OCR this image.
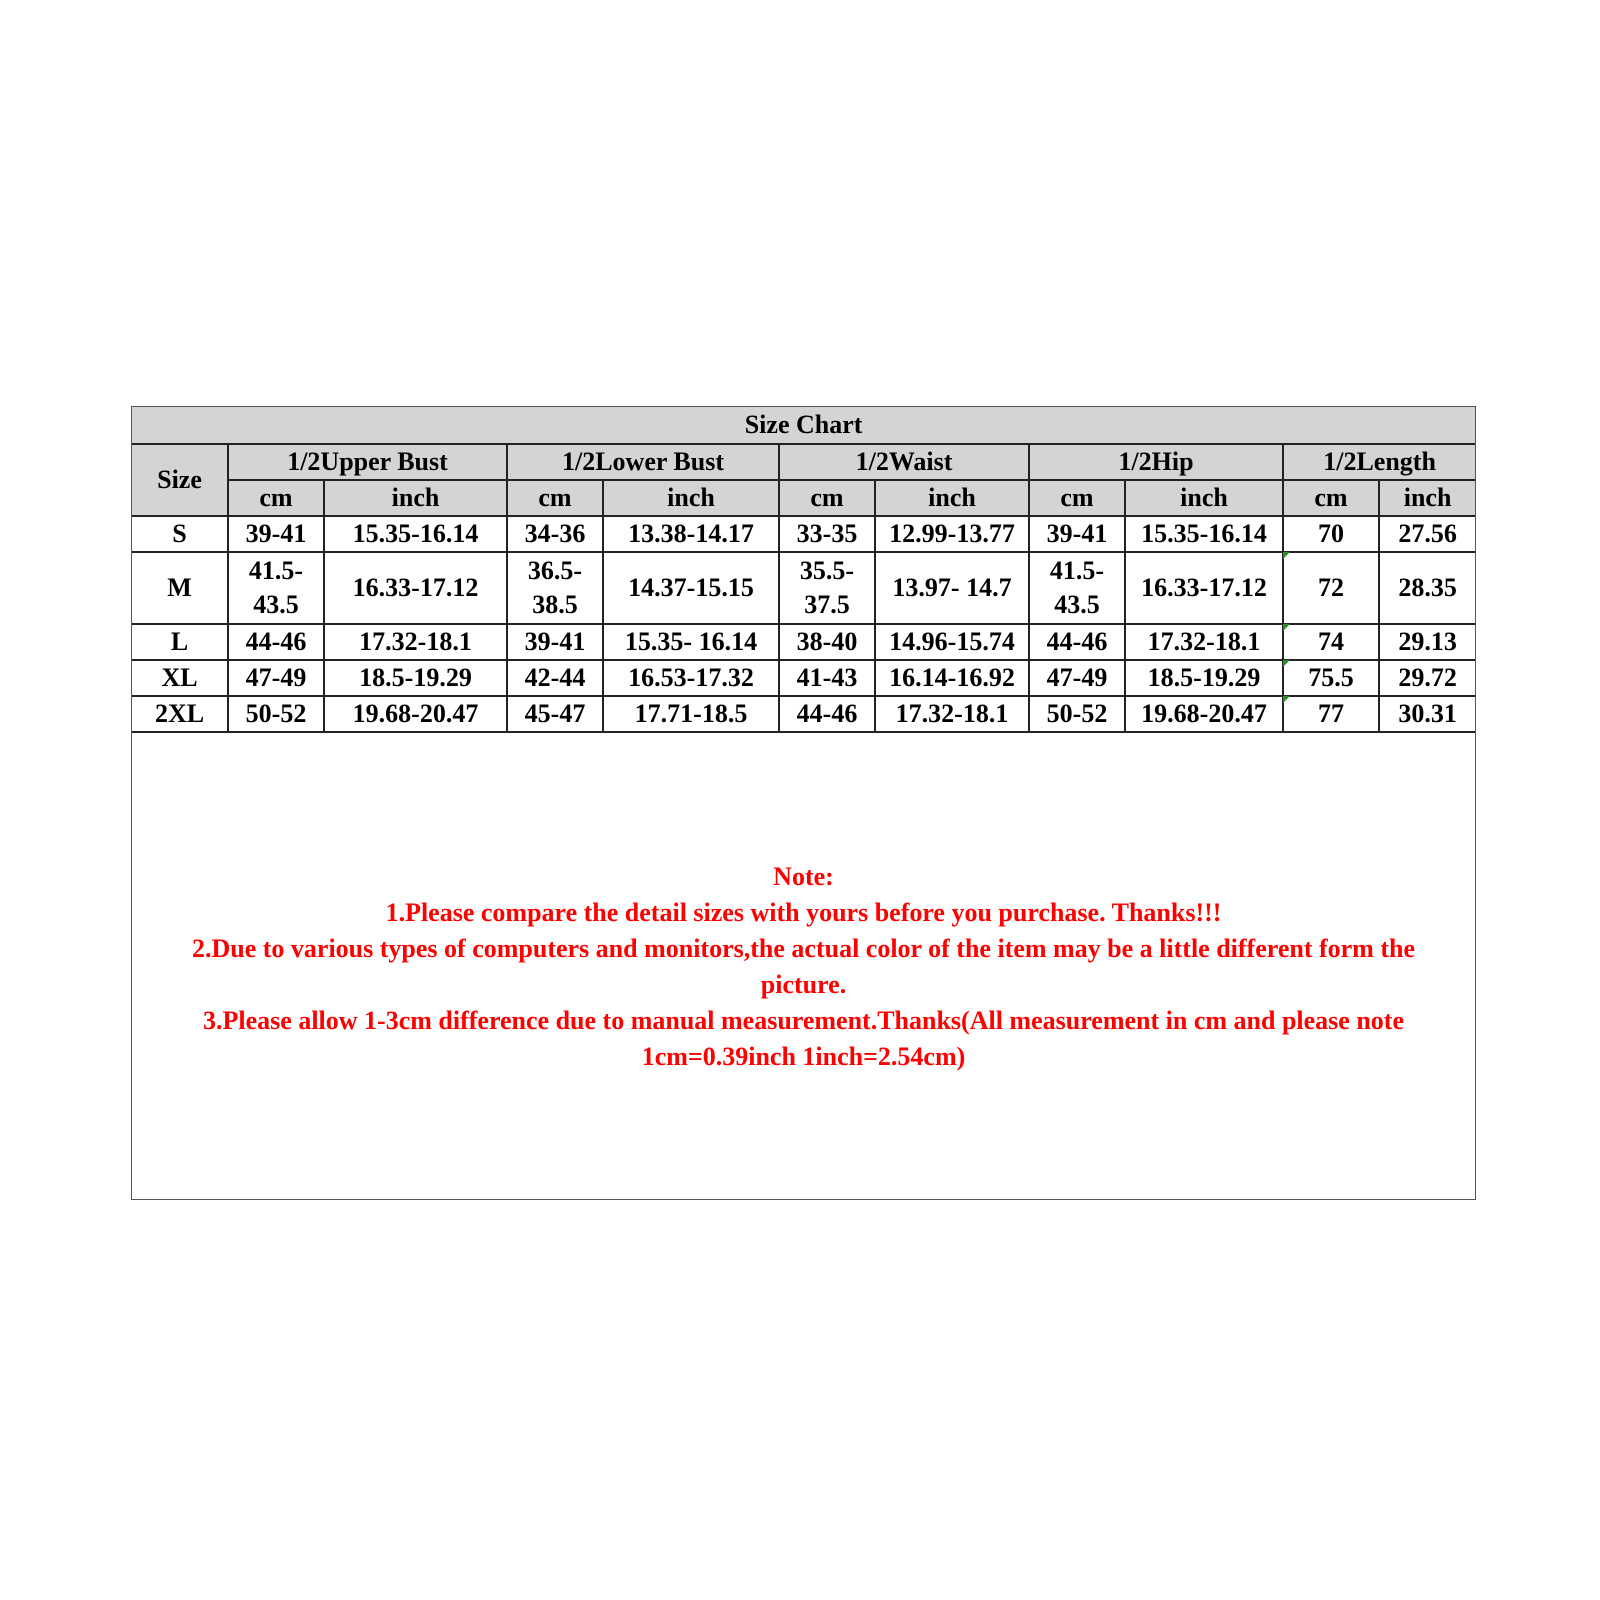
Size Chart										
Size	1/2Upper Bust		1/2Lower Bust		1/2Waist		1/2Hip		1/2Length	
	cm	inch	cm	inch	cm	inch	cm	inch	cm	inch
S	39-41	15.35-16.14	34-36	13.38-14.17	33-35	12.99-13.77	39-41	15.35-16.14	70	27.56
M	41.5-43.5	16.33-17.12	36.5-38.5	14.37-15.15	35.5-37.5	13.97- 14.7	41.5-43.5	16.33-17.12	72	28.35
L	44-46	17.32-18.1	39-41	15.35- 16.14	38-40	14.96-15.74	44-46	17.32-18.1	74	29.13
XL	47-49	18.5-19.29	42-44	16.53-17.32	41-43	16.14-16.92	47-49	18.5-19.29	75.5	29.72
2XL	50-52	19.68-20.47	45-47	17.71-18.5	44-46	17.32-18.1	50-52	19.68-20.47	77	30.31

Note:

1.Please compare the detail sizes with yours before you purchase. Thanks!!!

2.Due to various types of computers and monitors,the actual color of the item may be a little different form the picture.

3.Please allow 1-3cm difference due to manual measurement.Thanks(All measurement in cm and please note 1cm=0.39inch 1inch=2.54cm)
